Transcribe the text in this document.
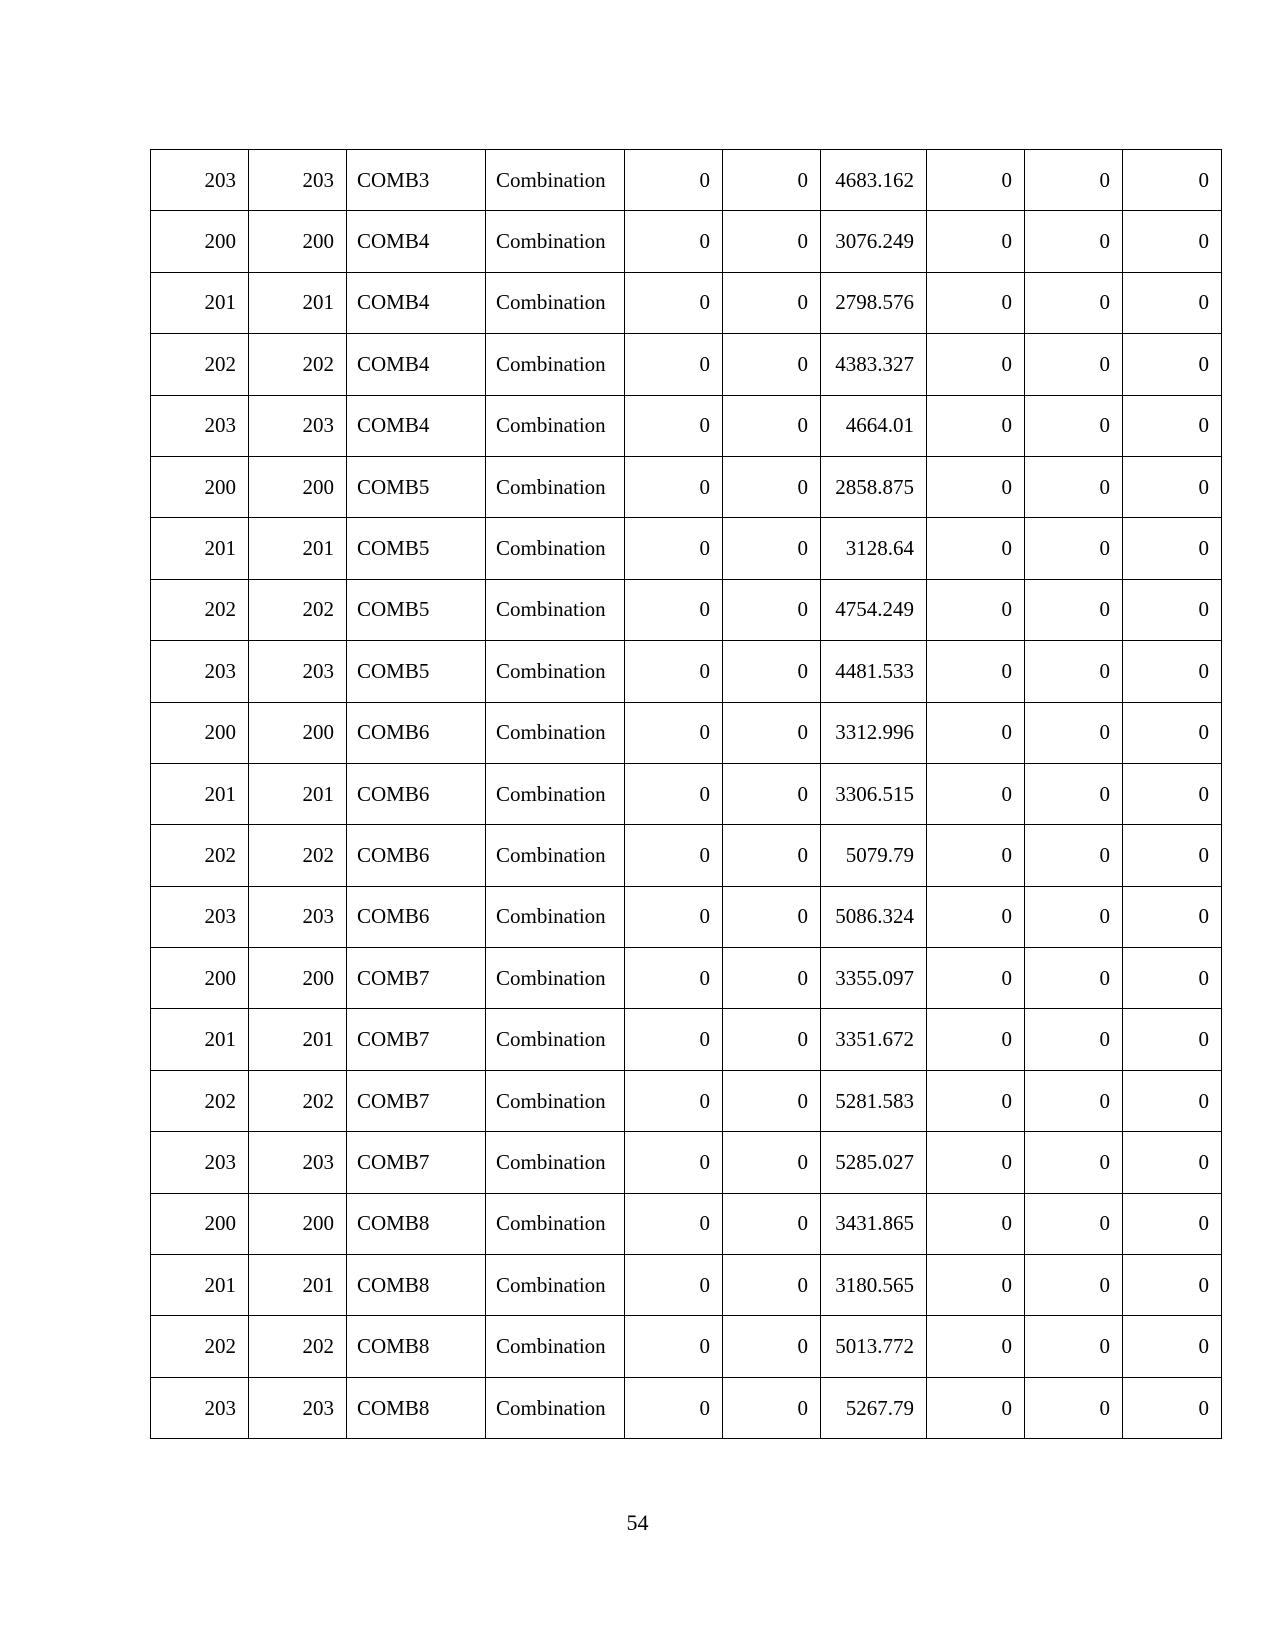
203	203	COMB3	Combination	0	0	4683.162	0	0	0
200	200	COMB4	Combination	0	0	3076.249	0	0	0
201	201	COMB4	Combination	0	0	2798.576	0	0	0
202	202	COMB4	Combination	0	0	4383.327	0	0	0
203	203	COMB4	Combination	0	0	4664.01	0	0	0
200	200	COMB5	Combination	0	0	2858.875	0	0	0
201	201	COMB5	Combination	0	0	3128.64	0	0	0
202	202	COMB5	Combination	0	0	4754.249	0	0	0
203	203	COMB5	Combination	0	0	4481.533	0	0	0
200	200	COMB6	Combination	0	0	3312.996	0	0	0
201	201	COMB6	Combination	0	0	3306.515	0	0	0
202	202	COMB6	Combination	0	0	5079.79	0	0	0
203	203	COMB6	Combination	0	0	5086.324	0	0	0
200	200	COMB7	Combination	0	0	3355.097	0	0	0
201	201	COMB7	Combination	0	0	3351.672	0	0	0
202	202	COMB7	Combination	0	0	5281.583	0	0	0
203	203	COMB7	Combination	0	0	5285.027	0	0	0
200	200	COMB8	Combination	0	0	3431.865	0	0	0
201	201	COMB8	Combination	0	0	3180.565	0	0	0
202	202	COMB8	Combination	0	0	5013.772	0	0	0
203	203	COMB8	Combination	0	0	5267.79	0	0	0
54
